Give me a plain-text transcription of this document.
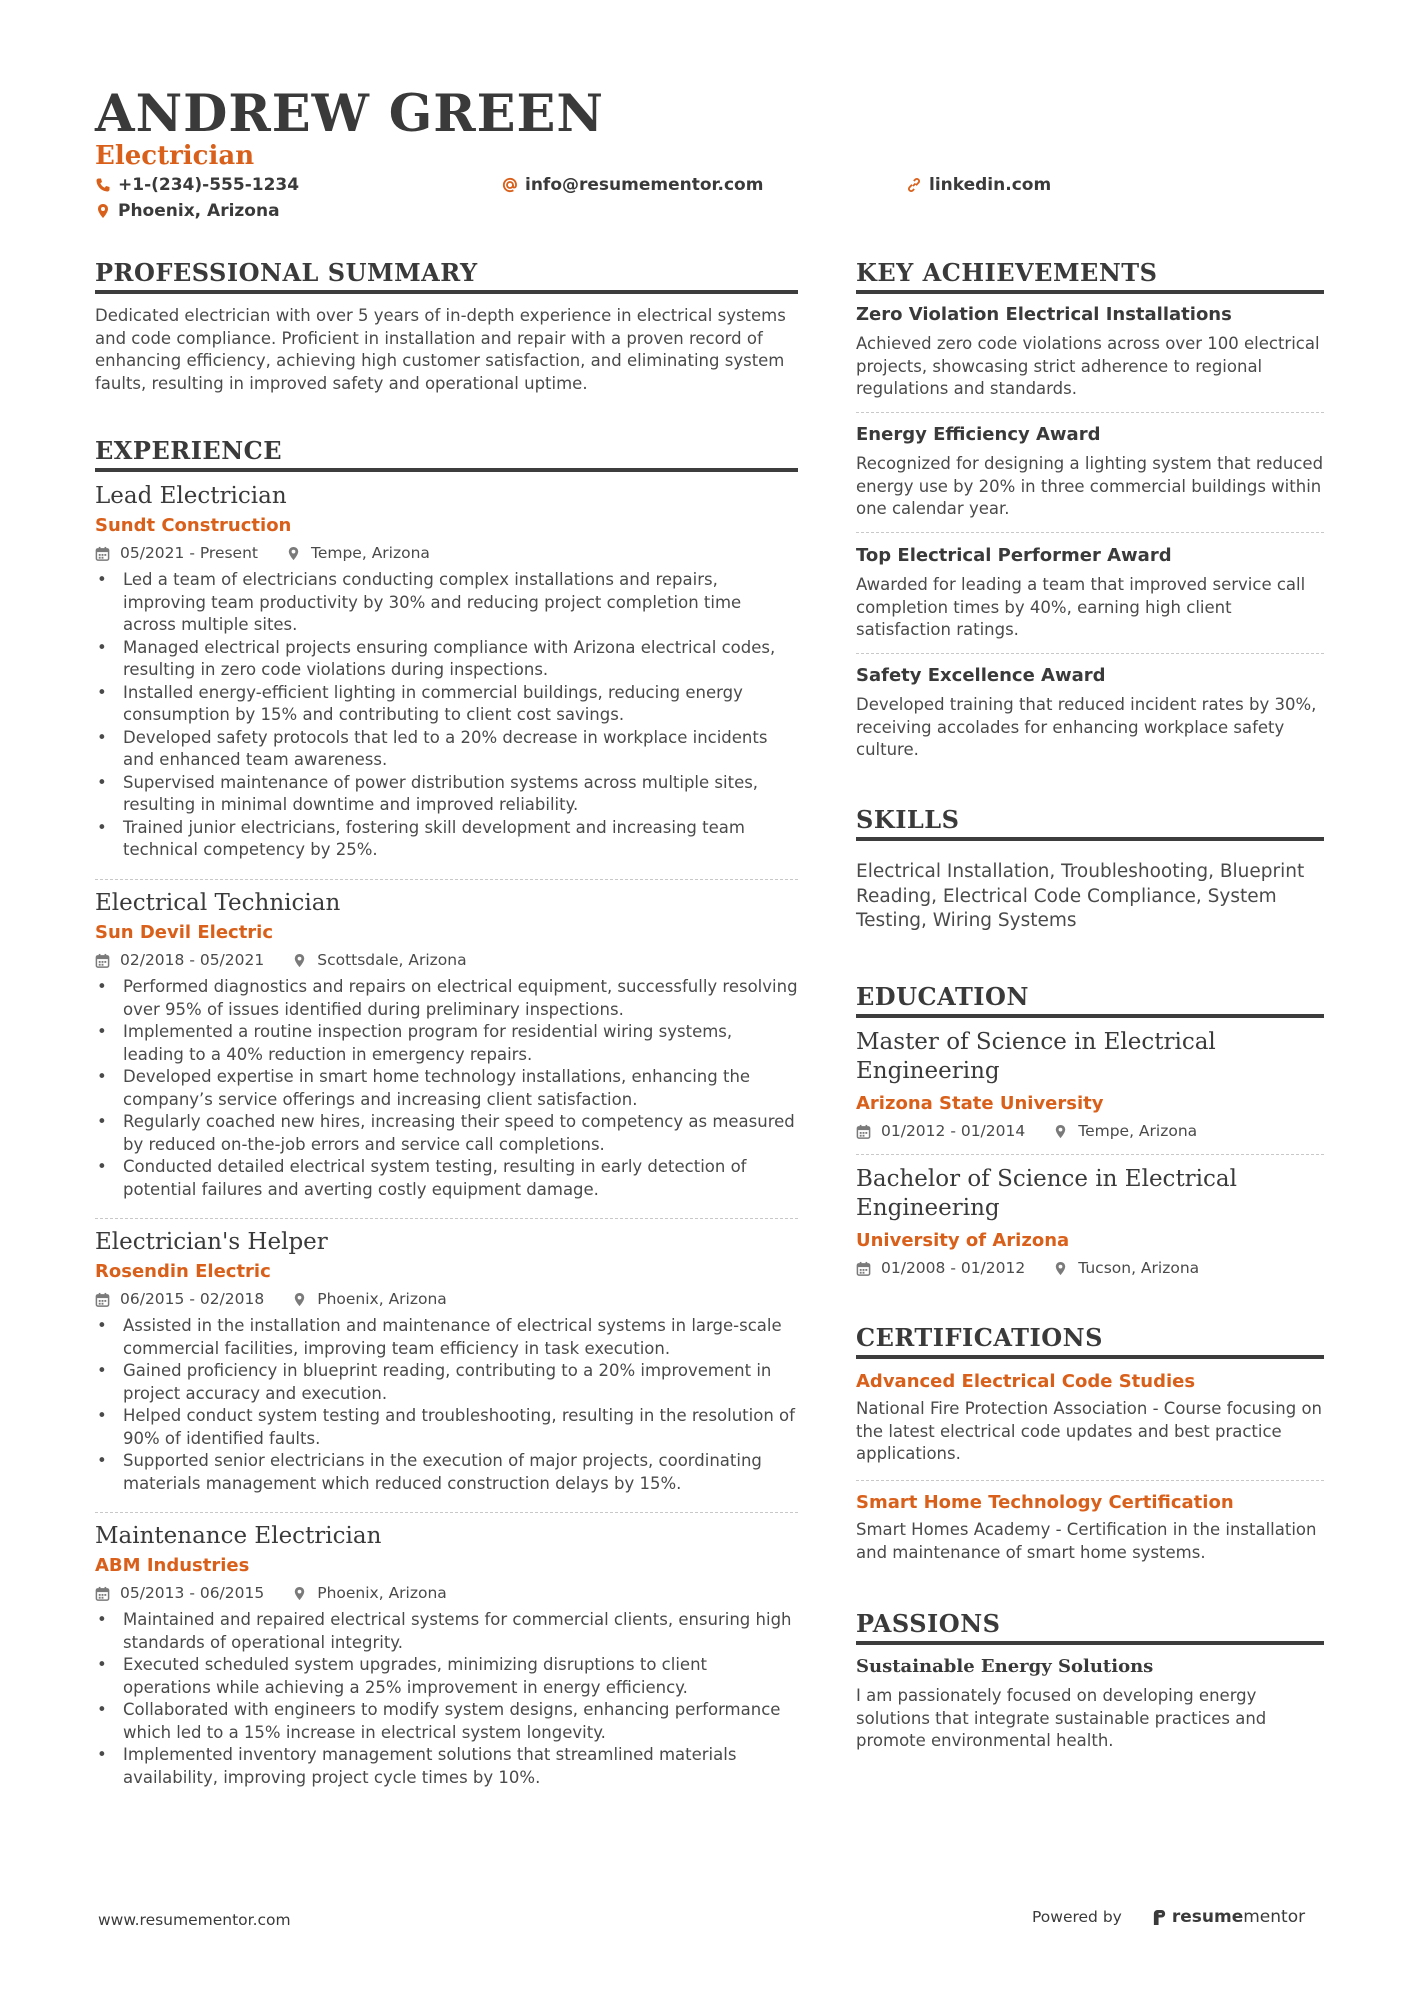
ANDREW GREEN
Electrician
+1-(234)-555-1234	info@resumementor.com	linkedin.com
Phoenix, Arizona
PROFESSIONAL SUMMARY

Dedicated electrician with over 5 years of in-depth experience in electrical systems and code compliance. Proficient in installation and repair with a proven record of enhancing efficiency, achieving high customer satisfaction, and eliminating system faults, resulting in improved safety and operational uptime.

EXPERIENCE
Lead Electrician
Sundt Construction
05/2021 - Present	Tempe, Arizona
• Led a team of electricians conducting complex installations and repairs, improving team productivity by 30% and reducing project completion time across multiple sites.
• Managed electrical projects ensuring compliance with Arizona electrical codes, resulting in zero code violations during inspections.
• Installed energy-efficient lighting in commercial buildings, reducing energy consumption by 15% and contributing to client cost savings.
• Developed safety protocols that led to a 20% decrease in workplace incidents and enhanced team awareness.
• Supervised maintenance of power distribution systems across multiple sites, resulting in minimal downtime and improved reliability.
• Trained junior electricians, fostering skill development and increasing team technical competency by 25%.
Electrical Technician
Sun Devil Electric
02/2018 - 05/2021	Scottsdale, Arizona
• Performed diagnostics and repairs on electrical equipment, successfully resolving over 95% of issues identified during preliminary inspections.
• Implemented a routine inspection program for residential wiring systems, leading to a 40% reduction in emergency repairs.
• Developed expertise in smart home technology installations, enhancing the company’s service offerings and increasing client satisfaction.
• Regularly coached new hires, increasing their speed to competency as measured by reduced on-the-job errors and service call completions.
• Conducted detailed electrical system testing, resulting in early detection of potential failures and averting costly equipment damage.
Electrician's Helper
Rosendin Electric
06/2015 - 02/2018	Phoenix, Arizona
• Assisted in the installation and maintenance of electrical systems in large-scale commercial facilities, improving team efficiency in task execution.
• Gained proficiency in blueprint reading, contributing to a 20% improvement in project accuracy and execution.
• Helped conduct system testing and troubleshooting, resulting in the resolution of 90% of identified faults.
• Supported senior electricians in the execution of major projects, coordinating materials management which reduced construction delays by 15%.
Maintenance Electrician
ABM Industries
05/2013 - 06/2015	Phoenix, Arizona
• Maintained and repaired electrical systems for commercial clients, ensuring high standards of operational integrity.
• Executed scheduled system upgrades, minimizing disruptions to client operations while achieving a 25% improvement in energy efficiency.
• Collaborated with engineers to modify system designs, enhancing performance which led to a 15% increase in electrical system longevity.
• Implemented inventory management solutions that streamlined materials availability, improving project cycle times by 10%.
KEY ACHIEVEMENTS
Zero Violation Electrical Installations
Achieved zero code violations across over 100 electrical projects, showcasing strict adherence to regional regulations and standards.
Energy Efficiency Award
Recognized for designing a lighting system that reduced energy use by 20% in three commercial buildings within one calendar year.
Top Electrical Performer Award
Awarded for leading a team that improved service call completion times by 40%, earning high client satisfaction ratings.
Safety Excellence Award
Developed training that reduced incident rates by 30%, receiving accolades for enhancing workplace safety culture.
SKILLS

Electrical Installation, Troubleshooting, Blueprint Reading, Electrical Code Compliance, System Testing, Wiring Systems

EDUCATION
Master of Science in Electrical Engineering
Arizona State University
01/2012 - 01/2014	Tempe, Arizona
Bachelor of Science in Electrical Engineering
University of Arizona
01/2008 - 01/2012	Tucson, Arizona
CERTIFICATIONS
Advanced Electrical Code Studies
National Fire Protection Association - Course focusing on the latest electrical code updates and best practice applications.
Smart Home Technology Certification
Smart Homes Academy - Certification in the installation and maintenance of smart home systems.
PASSIONS
Sustainable Energy Solutions
I am passionately focused on developing energy solutions that integrate sustainable practices and promote environmental health.
www.resumementor.com	Powered by	resume mentor
